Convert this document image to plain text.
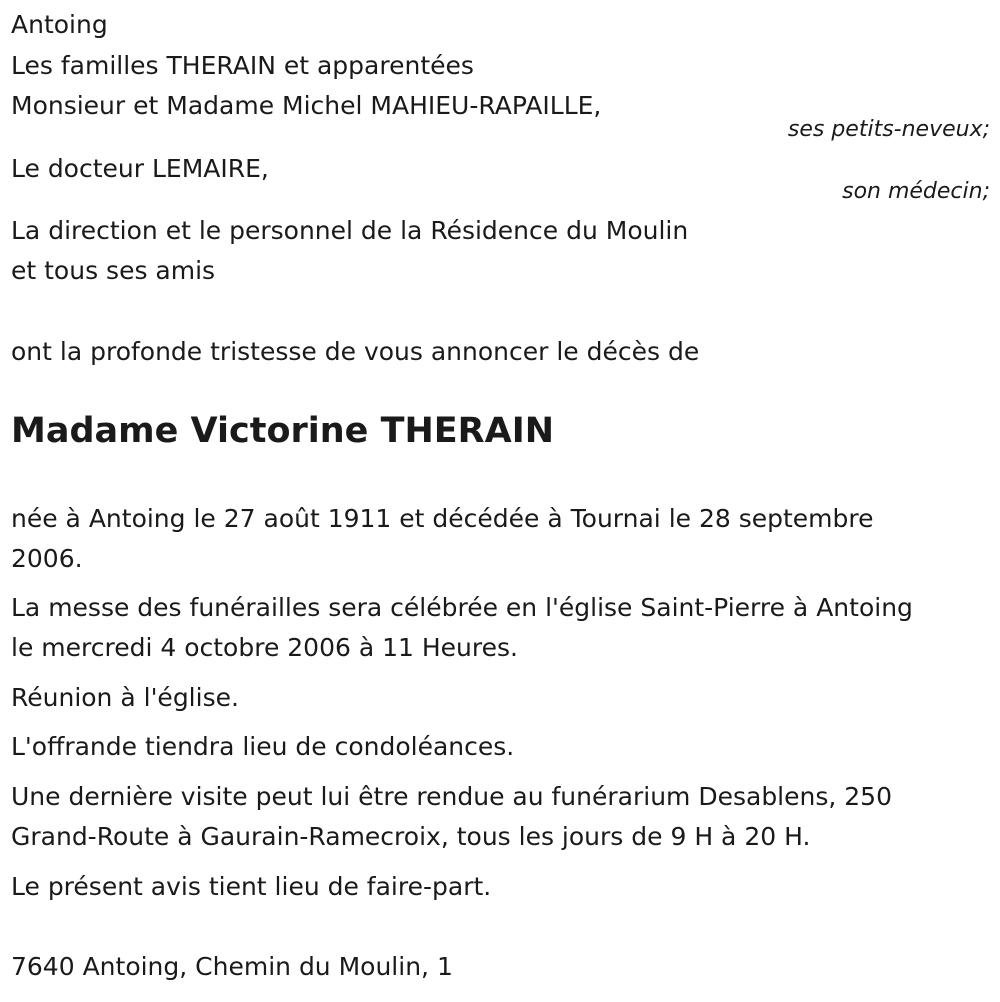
Antoing
Les familles THERAIN et apparentées
Monsieur et Madame Michel MAHIEU-RAPAILLE,
ses petits-neveux;
Le docteur LEMAIRE,
son médecin;
La direction et le personnel de la Résidence du Moulin
et tous ses amis
ont la profonde tristesse de vous annoncer le décès de
Madame Victorine THERAIN
née à Antoing le 27 août 1911 et décédée à Tournai le 28 septembre
2006.
La messe des funérailles sera célébrée en l'église Saint-Pierre à Antoing
le mercredi 4 octobre 2006 à 11 Heures.
Réunion à l'église.
L'offrande tiendra lieu de condoléances.
Une dernière visite peut lui être rendue au funérarium Desablens, 250
Grand-Route à Gaurain-Ramecroix, tous les jours de 9 H à 20 H.
Le présent avis tient lieu de faire-part.
7640 Antoing, Chemin du Moulin, 1
